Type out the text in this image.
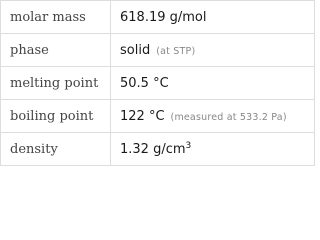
molar mass	618.19 g/mol
phase	solid (at STP)
melting point	50.5 °C
boiling point	122 °C (measured at 533.2 Pa)
density	1.32 $g/cm^3$
